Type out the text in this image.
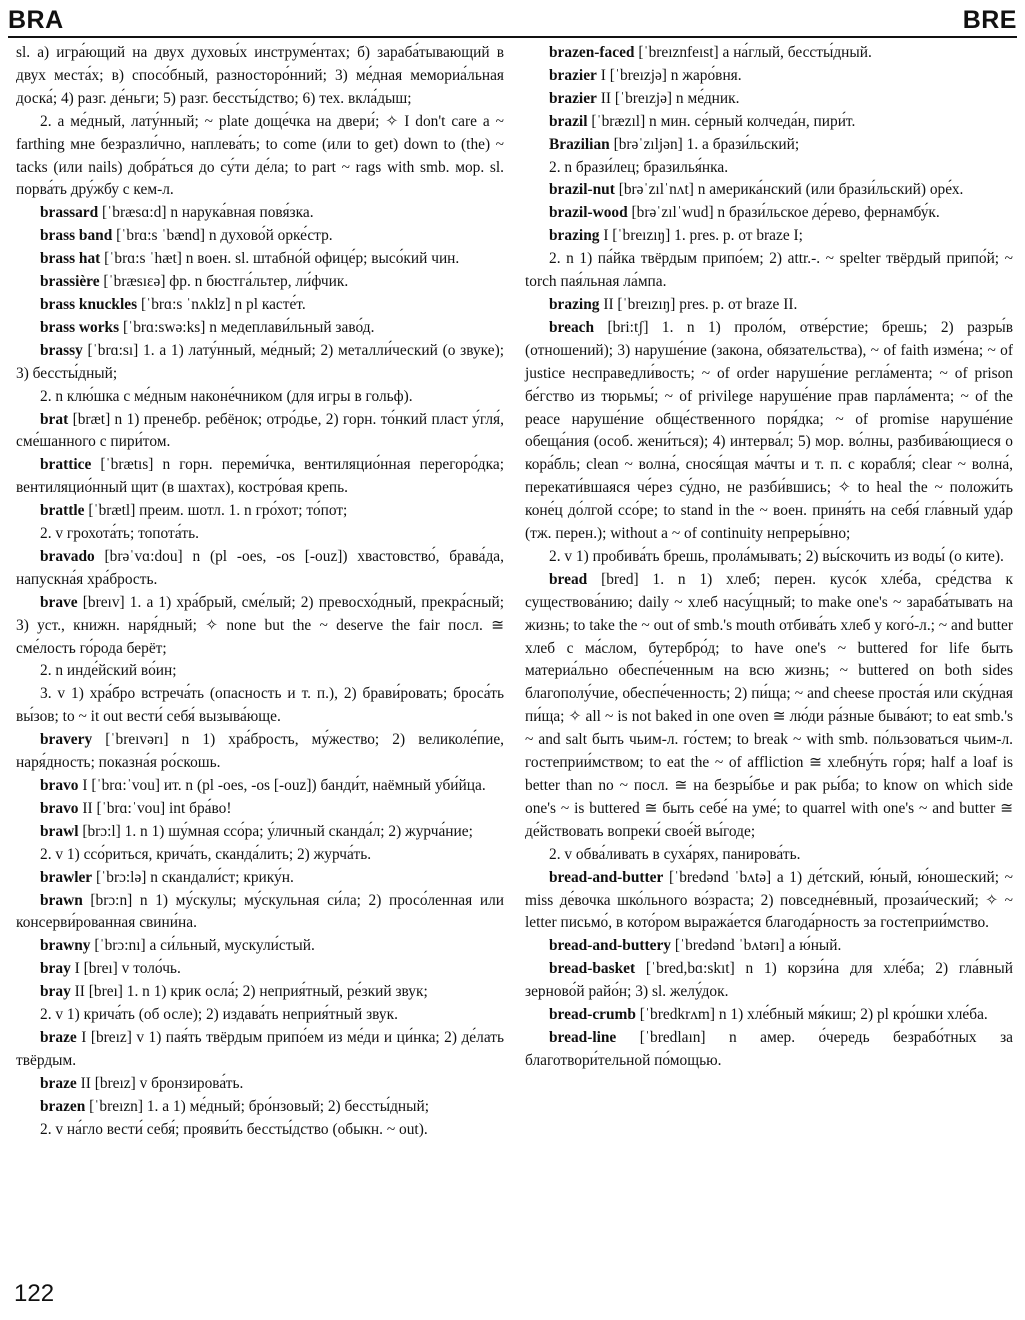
BRA	BRE

sl. а) игра́ющий на двух духовы́х инструме́нтах; б) зараба́тывающий в двух места́х; в) спосо́бный, разносторо́нний; 3) ме́дная мемориа́льная доска́; 4) разг. де́ньги; 5) разг. бессты́дство; 6) тех. вкла́дыш;

2. а ме́дный, лату́нный; ~ plate доще́чка на двери́; ✧ I don't care a ~ farthing мне безразли́чно, наплева́ть; to come (или to get) down to (the) ~ tacks (или nails) добра́ться до су́ти де́ла; to part ~ rags with smb. мор. sl. порва́ть дру́жбу с кем-л.

brassard [ˈbræsɑ:d] n нарука́вная повя́зка.

brass band [ˈbrɑ:s ˈbænd] n духово́й орке́стр.

brass hat [ˈbrɑ:s ˈhæt] n воен. sl. штабно́й офице́р; высо́кий чин.

brassière [ˈbræsıɛə] фр. n бюстга́льтер, ли́фчик.

brass knuckles [ˈbrɑ:s ˈnʌklz] n pl касте́т.

brass works [ˈbrɑ:swə:ks] n медеплави́льный заво́д.

brassy [ˈbrɑ:sı] 1. а 1) лату́нный, ме́дный; 2) металли́ческий (о звуке); 3) бессты́дный;

2. n клю́шка с ме́дным наконе́чником (для игры в гольф).

brat [bræt] n 1) пренебр. ребёнок; отро́дье, 2) горн. то́нкий пласт у́гля́, сме́шанного с пири́том.

brattice [ˈbrætıs] n горн. переми́чка, вентиляцио́нная перегоро́дка; вентиляцио́нный щит (в шахтах), костро́вая крепь.

brattle [ˈbrætl] преим. шотл. 1. n гро́хот; то́пот;

2. v грохота́ть; топота́ть.

bravado [brəˈvɑ:dou] n (pl -oes, -os [-ouz]) хвастовство́, брава́да, напускна́я хра́брость.

brave [breıv] 1. а 1) хра́брый, сме́лый; 2) превосхо́дный, прекра́сный; 3) уст., книжн. наря́дный; ✧ none but the ~ deserve the fair посл. ≅ сме́лость го́рода берёт;

2. n инде́йский во́ин;

3. v 1) хра́бро встреча́ть (опасность и т. п.), 2) брави́ровать; броса́ть вы́зов; to ~ it out вести́ себя́ вызыва́юще.

bravery [ˈbreıvərı] n 1) хра́брость, му́жество; 2) великоле́пие, наря́дность; показна́я ро́скошь.

bravo I [ˈbrɑ:ˈvou] ит. n (pl -oes, -os [-ouz]) банди́т, наёмный уби́йца.

bravo II [ˈbrɑ:ˈvou] int бра́во!

brawl [brɔ:l] 1. n 1) шу́мная ссо́ра; у́личный сканда́л; 2) журча́ние;

2. v 1) ссо́риться, крича́ть, сканда́лить; 2) журча́ть.

brawler [ˈbrɔ:lə] n скандали́ст; крику́н.

brawn [brɔ:n] n 1) му́скулы; му́скульная си́ла; 2) просо́ленная или консерви́рованная свини́на.

brawny [ˈbrɔ:nı] а си́льный, мускули́стый.

bray I [breı] v толо́чь.

bray II [breı] 1. n 1) крик осла́; 2) неприя́тный, ре́зкий звук;

2. v 1) крича́ть (об осле); 2) издава́ть неприя́тный звук.

braze I [breız] v 1) пая́ть твёрдым припо́ем из ме́ди и ци́нка; 2) де́лать твёрдым.

braze II [breız] v бронзирова́ть.

brazen [ˈbreızn] 1. а 1) ме́дный; бро́нзовый; 2) бессты́дный;

2. v на́гло вести́ себя́; прояви́ть бессты́дство (обыкн. ~ out).

brazen-faced [ˈbreıznfeıst] а на́глый, бессты́дный.

brazier I [ˈbreızjə] n жаро́вня.

brazier II [ˈbreızjə] n ме́дник.

brazil [ˈbræzıl] n мин. се́рный колчеда́н, пири́т.

Brazilian [brəˈzıljən] 1. а брази́льский;

2. n брази́лец; бразилья́нка.

brazil-nut [brəˈzılˈnʌt] n америка́нский (или брази́льский) оре́х.

brazil-wood [brəˈzılˈwud] n брази́льское де́рево, фернамбу́к.

brazing I [ˈbreızıŋ] 1. pres. p. от braze I;

2. n 1) па́йка твёрдым припо́ем; 2) attr.-. ~ spelter твёрдый припо́й; ~ torch пая́льная ла́мпа.

brazing II [ˈbreızıŋ] pres. p. от braze II.

breach [bri:tʃ] 1. n 1) проло́м, отве́рстие; брешь; 2) разры́в (отношений); 3) наруше́ние (закона, обязательства), ~ of faith изме́на; ~ of justice несправедли́вость; ~ of order наруше́ние регла́мента; ~ of prison бе́гство из тюрьмы́; ~ of privilege наруше́ние прав парла́мента; ~ of the peace наруше́ние обще́ственного поря́дка; ~ of promise наруше́ние обеща́ния (особ. жени́ться); 4) интерва́л; 5) мор. во́лны, разбива́ющиеся о кора́бль; clean ~ волна́, снося́щая ма́чты и т. п. с корабля́; clear ~ волна́, перекати́вшаяся че́рез су́дно, не разби́вшись; ✧ to heal the ~ положи́ть коне́ц до́лгой ссо́ре; to stand in the ~ воен. приня́ть на себя́ гла́вный уда́р (тж. перен.); without a ~ of continuity непреры́вно;

2. v 1) пробива́ть брешь, прола́мывать; 2) вы́скочить из воды́ (о ките).

bread [bred] 1. n 1) хлеб; перен. кусо́к хле́ба, сре́дства к существова́нию; daily ~ хлеб насу́щный; to make one's ~ зараба́тывать на жизнь; to take the ~ out of smb.'s mouth отбива́ть хлеб у кого́-л.; ~ and butter хлеб с ма́слом, бутербро́д; to have one's ~ buttered for life быть материа́льно обеспе́ченным на всю жизнь; ~ buttered on both sides благополу́чие, обеспе́ченность; 2) пи́ща; ~ and cheese проста́я или ску́дная пи́ща; ✧ all ~ is not baked in one oven ≅ лю́ди ра́зные быва́ют; to eat smb.'s ~ and salt быть чьим-л. го́стем; to break ~ with smb. по́льзоваться чьим-л. гостеприи́мством; to eat the ~ of affliction ≅ хлебну́ть го́ря; half a loaf is better than no ~ посл. ≅ на безры́бье и рак ры́ба; to know on which side one's ~ is buttered ≅ быть себе́ на уме́; to quarrel with one's ~ and butter ≅ де́йствовать вопреки́ свое́й вы́годе;

2. v обва́ливать в суха́рях, панирова́ть.

bread-and-butter [ˈbredənd ˈbʌtə] а 1) де́тский, ю́ный, ю́ношеский; ~ miss де́вочка шко́льного во́зраста; 2) повседне́вный, прозаи́ческий; ✧ ~ letter письмо́, в кото́ром выража́ется благода́рность за гостеприи́мство.

bread-and-buttery [ˈbredənd ˈbʌtərı] а ю́ный.

bread-basket [ˈbred,bɑ:skıt] n 1) корзи́на для хле́ба; 2) гла́вный зерново́й райо́н; 3) sl. желу́док.

bread-crumb [ˈbredkrʌm] n 1) хле́бный мя́киш; 2) pl кро́шки хле́ба.

bread-line [ˈbredlaın] n амер. о́чередь безрабо́тных за благотвори́тельной по́мощью.

122
